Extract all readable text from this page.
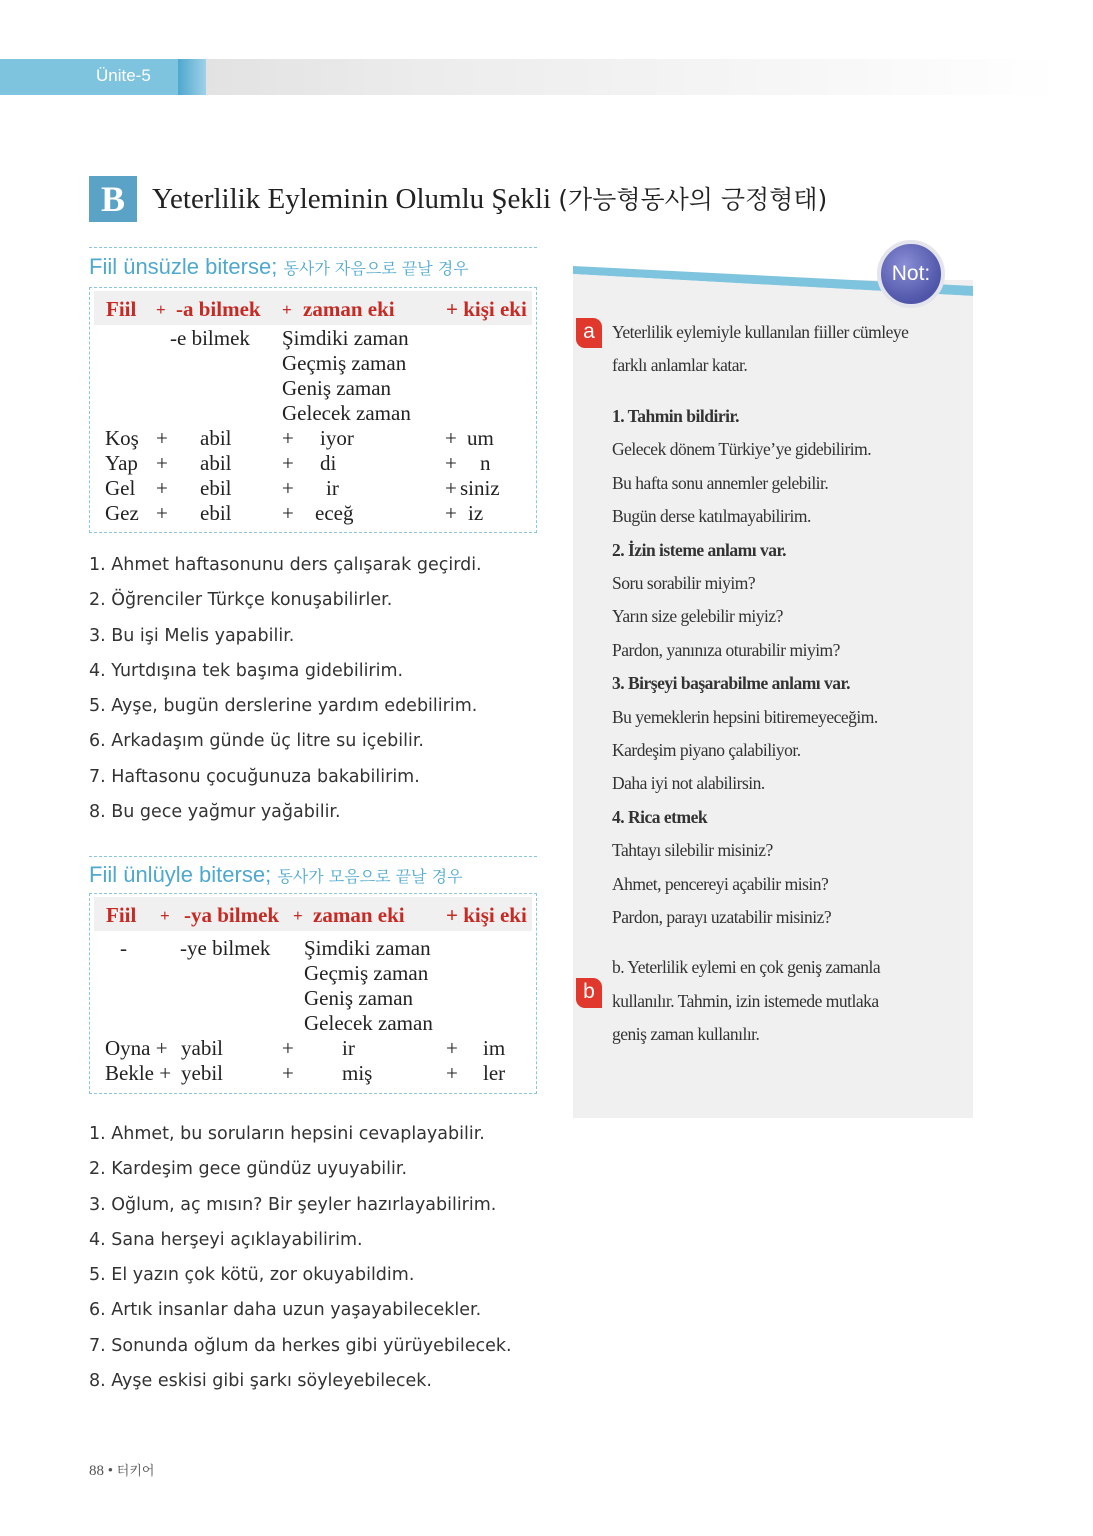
Ünite-5
B Yeterlilik Eyleminin Olumlu Şekli (가능형동사의 긍정형태)
Fiil ünsüzle biterse; 동사가 자음으로 끝날 경우
Fiil + -a bilmek + zaman eki + kişi eki
-e bilmek Şimdiki zaman
Geçmiş zaman
Geniş zaman
Gelecek zaman
Koş + abil + iyor	+ um
Yap + abil + di	+ n
Gel + ebil + ir	+ siniz
Gez + ebil + eceğ	+ iz
1. Ahmet haftasonunu ders çalışarak geçirdi.
2. Öğrenciler Türkçe konuşabilirler.
3. Bu işi Melis yapabilir.
4. Yurtdışına tek başıma gidebilirim.
5. Ayşe, bugün derslerine yardım edebilirim.
6. Arkadaşım günde üç litre su içebilir.
7. Haftasonu çocuğunuza bakabilirim.
8. Bu gece yağmur yağabilir.
Fiil ünlüyle biterse; 동사가 모음으로 끝날 경우
Fiil + -ya bilmek + zaman eki + kişi eki
-	-ye bilmek Şimdiki zaman
Geçmiş zaman
Geniş zaman
Gelecek zaman
Oyna + yabil	+ ir	+ im
Bekle + yebil	+ miş	+ ler
1. Ahmet, bu soruların hepsini cevaplayabilir.
2. Kardeşim gece gündüz uyuyabilir.
3. Oğlum, aç mısın? Bir şeyler hazırlayabilirim.
4. Sana herşeyi açıklayabilirim.
5. El yazın çok kötü, zor okuyabildim.
6. Artık insanlar daha uzun yaşayabilecekler.
7. Sonunda oğlum da herkes gibi yürüyebilecek.
8. Ayşe eskisi gibi şarkı söyleyebilecek.
Not:
a
b
Yeterlilik eylemiyle kullanılan fiiller cümleye
farklı anlamlar katar.
1. Tahmin bildirir.
Gelecek dönem Türkiye’ye gidebilirim.
Bu hafta sonu annemler gelebilir.
Bugün derse katılmayabilirim.
2. İzin isteme anlamı var.
Soru sorabilir miyim?
Yarın size gelebilir miyiz?
Pardon, yanınıza oturabilir miyim?
3. Birşeyi başarabilme anlamı var.
Bu yemeklerin hepsini bitiremeyeceğim.
Kardeşim piyano çalabiliyor.
Daha iyi not alabilirsin.
4. Rica etmek
Tahtayı silebilir misiniz?
Ahmet, pencereyi açabilir misin?
Pardon, parayı uzatabilir misiniz?
b. Yeterlilik eylemi en çok geniş zamanla
kullanılır. Tahmin, izin istemede mutlaka
geniş zaman kullanılır.
88 • 터키어
